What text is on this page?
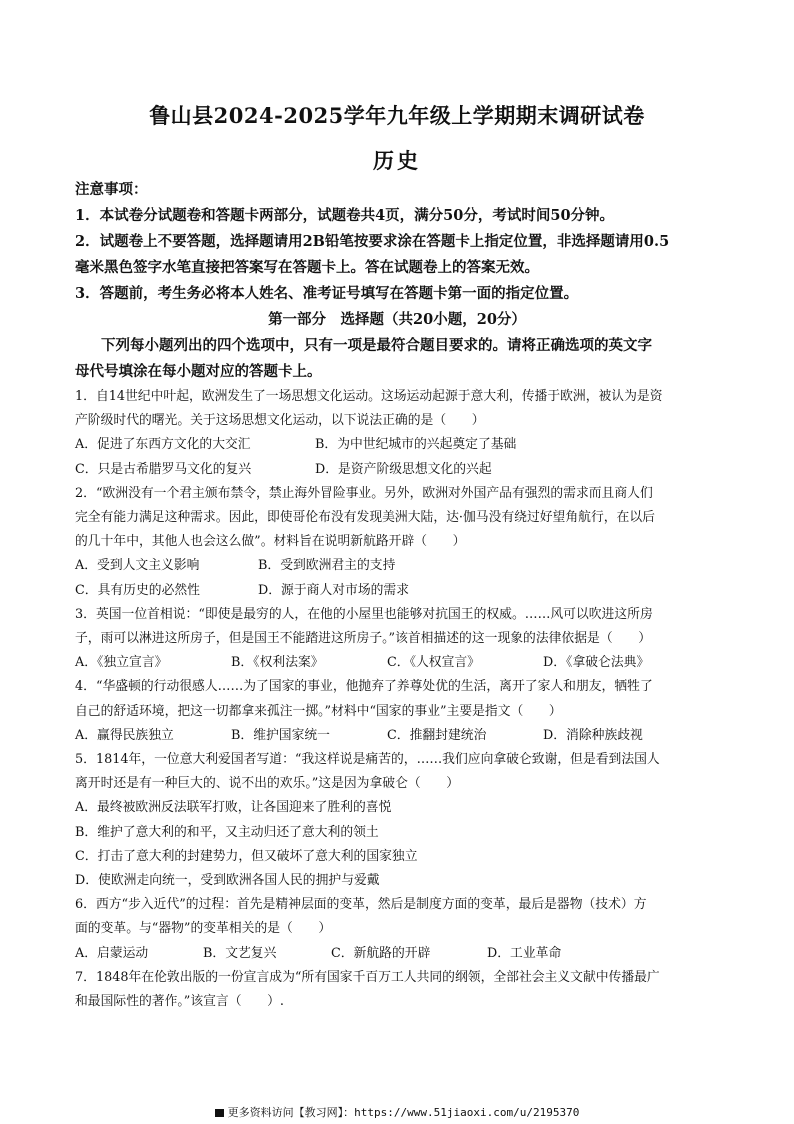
鲁山县2024-2025学年九年级上学期期末调研试卷
历史
注意事项：
1．本试卷分试题卷和答题卡两部分，试题卷共4页，满分50分，考试时间50分钟。
2．试题卷上不要答题，选择题请用2B铅笔按要求涂在答题卡上指定位置，非选择题请用0.5
毫米黑色签字水笔直接把答案写在答题卡上。答在试题卷上的答案无效。
3．答题前，考生务必将本人姓名、准考证号填写在答题卡第一面的指定位置。
第一部分　选择题（共20小题，20分）
下列每小题列出的四个选项中，只有一项是最符合题目要求的。请将正确选项的英文字
母代号填涂在每小题对应的答题卡上。
1．自14世纪中叶起，欧洲发生了一场思想文化运动。这场运动起源于意大利，传播于欧洲，被认为是资
产阶级时代的曙光。关于这场思想文化运动，以下说法正确的是（　　）
A．促进了东西方文化的大交汇	B．为中世纪城市的兴起奠定了基础
C．只是古希腊罗马文化的复兴	D．是资产阶级思想文化的兴起
2．“欧洲没有一个君主颁布禁令，禁止海外冒险事业。另外，欧洲对外国产品有强烈的需求而且商人们
完全有能力满足这种需求。因此，即使哥伦布没有发现美洲大陆，达·伽马没有绕过好望角航行，在以后
的几十年中，其他人也会这么做”。材料旨在说明新航路开辟（　　）
A．受到人文主义影响	B．受到欧洲君主的支持
C．具有历史的必然性	D．源于商人对市场的需求
3．英国一位首相说：“即使是最穷的人，在他的小屋里也能够对抗国王的权威。……风可以吹进这所房
子，雨可以淋进这所房子，但是国王不能踏进这所房子。”该首相描述的这一现象的法律依据是（　　）
A．《独立宣言》	B．《权利法案》	C．《人权宣言》	D．《拿破仑法典》
4．“华盛顿的行动很感人……为了国家的事业，他抛弃了养尊处优的生活，离开了家人和朋友，牺牲了
自己的舒适环境，把这一切都拿来孤注一掷。”材料中“国家的事业”主要是指文（　　）
A．赢得民族独立	B．维护国家统一	C．推翻封建统治	D．消除种族歧视
5．1814年，一位意大利爱国者写道：“我这样说是痛苦的，……我们应向拿破仑致谢，但是看到法国人
离开时还是有一种巨大的、说不出的欢乐。”这是因为拿破仑（　　）
A．最终被欧洲反法联军打败，让各国迎来了胜利的喜悦
B．维护了意大利的和平，又主动归还了意大利的领土
C．打击了意大利的封建势力，但又破坏了意大利的国家独立
D．使欧洲走向统一，受到欧洲各国人民的拥护与爱戴
6．西方“步入近代”的过程：首先是精神层面的变革，然后是制度方面的变革，最后是器物（技术）方
面的变革。与“器物”的变革相关的是（　　）
A．启蒙运动	B．文艺复兴	C．新航路的开辟	D．工业革命
7．1848年在伦敦出版的一份宣言成为“所有国家千百万工人共同的纲领，全部社会主义文献中传播最广
和最国际性的著作。”该宣言（　　）.
更多资料访问【教习网】：https://www.51jiaoxi.com/u/2195370
